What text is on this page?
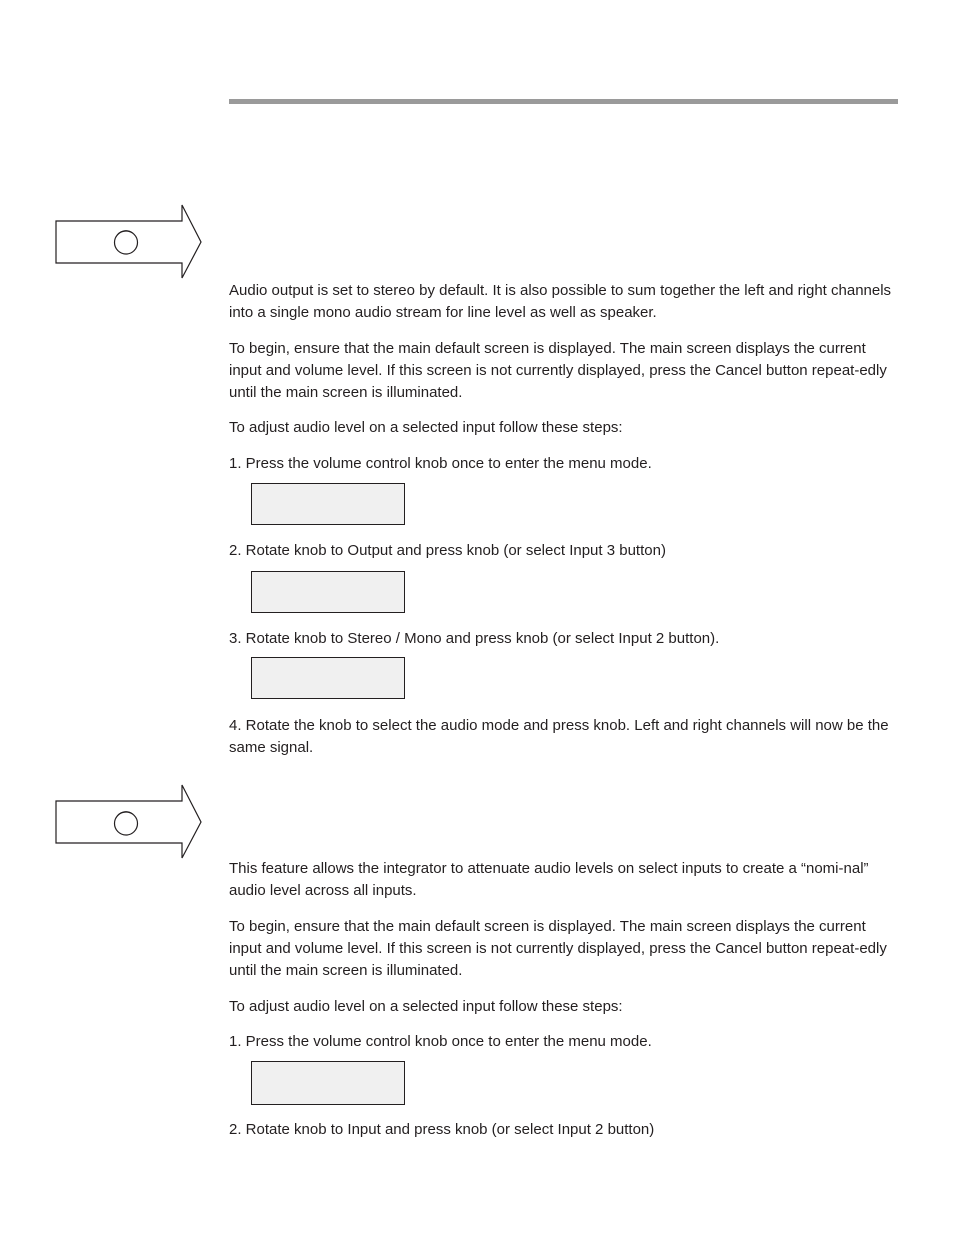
Audio output is set to stereo by default. It is also possible to sum together the left and right channels into a single mono audio stream for line level as well as speaker.

To begin, ensure that the main default screen is displayed. The main screen displays the current input and volume level. If this screen is not currently displayed, press the Cancel button repeat-edly until the main screen is illuminated.

To adjust audio level on a selected input follow these steps:

1. Press the volume control knob once to enter the menu mode.

2. Rotate knob to Output and press knob (or select Input 3 button)

3. Rotate knob to Stereo / Mono and press knob (or select Input 2 button).

4. Rotate the knob to select the audio mode and press knob. Left and right channels will now be the same signal.

This feature allows the integrator to attenuate audio levels on select inputs to create a “nomi-nal” audio level across all inputs.

To begin, ensure that the main default screen is displayed. The main screen displays the current input and volume level. If this screen is not currently displayed, press the Cancel button repeat-edly until the main screen is illuminated.

To adjust audio level on a selected input follow these steps:

1. Press the volume control knob once to enter the menu mode.

2. Rotate knob to Input and press knob (or select Input 2 button)
